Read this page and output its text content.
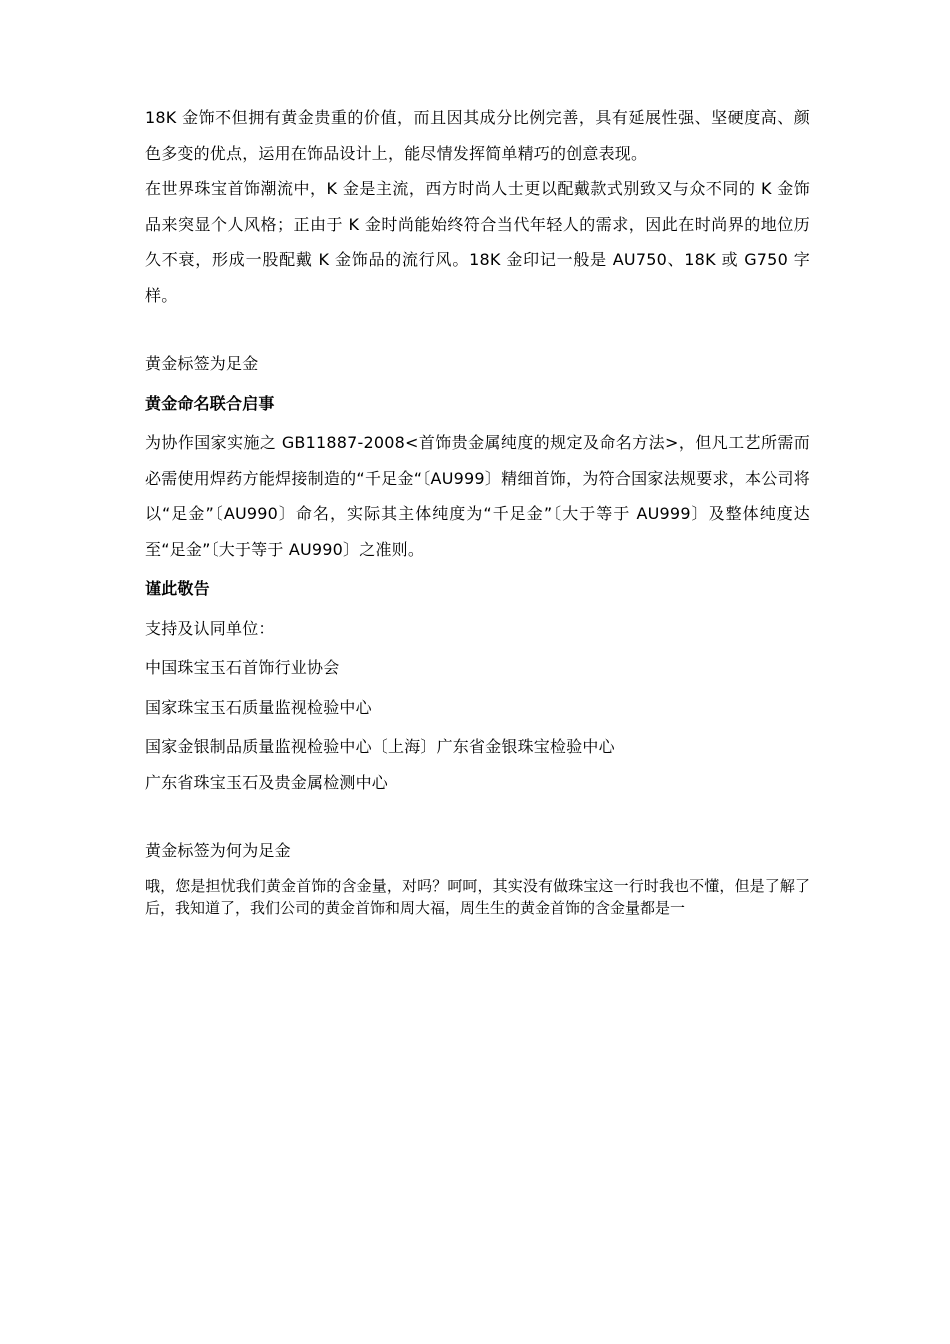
18K 金饰不但拥有黄金贵重的价值，而且因其成分比例完善，具有延展性强、坚硬度高、颜色多变的优点，运用在饰品设计上，能尽情发挥简单精巧的创意表现。

在世界珠宝首饰潮流中，K 金是主流，西方时尚人士更以配戴款式别致又与众不同的 K 金饰品来突显个人风格；正由于 K 金时尚能始终符合当代年轻人的需求，因此在时尚界的地位历久不衰，形成一股配戴 K 金饰品的流行风。18K 金印记一般是 AU750、18K 或 G750 字样。

黄金标签为足金

黄金命名联合启事

为协作国家实施之 GB11887-2008<首饰贵金属纯度的规定及命名方法>，但凡工艺所需而必需使用焊药方能焊接制造的“千足金“〔AU999〕精细首饰，为符合国家法规要求，本公司将以“足金”〔AU990〕命名，实际其主体纯度为“千足金”〔大于等于 AU999〕及整体纯度达至“足金”〔大于等于 AU990〕之准则。

谨此敬告

支持及认同单位：

中国珠宝玉石首饰行业协会

国家珠宝玉石质量监视检验中心

国家金银制品质量监视检验中心〔上海〕广东省金银珠宝检验中心

广东省珠宝玉石及贵金属检测中心

黄金标签为何为足金

哦，您是担忧我们黄金首饰的含金量，对吗？呵呵，其实没有做珠宝这一行时我也不懂，但是了解了后，我知道了，我们公司的黄金首饰和周大福，周生生的黄金首饰的含金量都是一
